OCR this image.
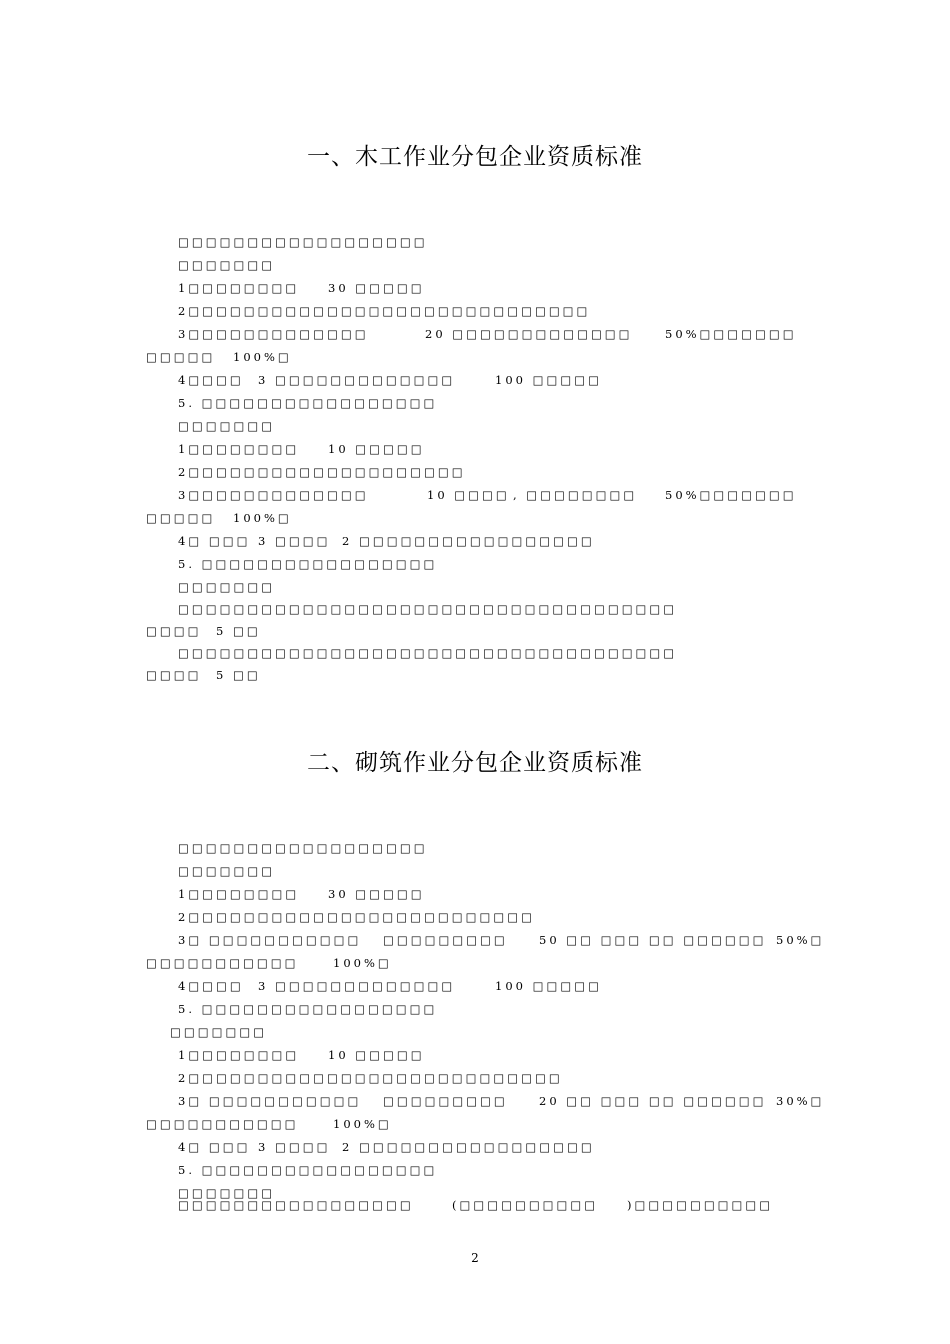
一、木工作业分包企业资质标准
□□□□□□□□□□□□□□□□□□
□□□□□□□
1□□□□□□□□	30 □□□□□
2□□□□□□□□□□□□□□□□□□□□□□□□□□□□□
3□□□□□□□□□□□□□	20 □□□□□□□□□□□□□	50%□□□□□□□
□□□□□ 100%□
4□□□□ 3 □□□□□□□□□□□□□	100 □□□□□
5. □□□□□□□□□□□□□□□□□
□□□□□□□
1□□□□□□□□	10 □□□□□
2□□□□□□□□□□□□□□□□□□□□
3□□□□□□□□□□□□□	10 □□□□ , □□□□□□□□ 50%□□□□□□□
□□□□□ 100%□
4□ □□□ 3 □□□□ 2 □□□□□□□□□□□□□□□□□
5. □□□□□□□□□□□□□□□□□
□□□□□□□
□□□□□□□□□□□□□□□□□□□□□□□□□□□□□□□□□□□□
□□□□ 5 □□
□□□□□□□□□□□□□□□□□□□□□□□□□□□□□□□□□□□□
□□□□ 5 □□
二、砌筑作业分包企业资质标准
□□□□□□□□□□□□□□□□□□
□□□□□□□
1□□□□□□□□	30 □□□□□
2□□□□□□□□□□□□□□□□□□□□□□□□□
3□ □□□□□□□□□□□ □□□□□□□□□	50 □□ □□□ □□ □□□□□□ 50%□
□□□□□□□□□□□	100%□
4□□□□ 3 □□□□□□□□□□□□□	100 □□□□□
5. □□□□□□□□□□□□□□□□□
□□□□□□□
1□□□□□□□□	10 □□□□□
2□□□□□□□□□□□□□□□□□□□□□□□□□□□
3□ □□□□□□□□□□□ □□□□□□□□□	20 □□ □□□ □□ □□□□□□ 30%□
□□□□□□□□□□□	100%□
4□ □□□ 3 □□□□ 2 □□□□□□□□□□□□□□□□□
5. □□□□□□□□□□□□□□□□□
□□□□□□□
□□□□□□□□□□□□□□□□□	(□□□□□□□□□□	)□□□□□□□□□□
2
